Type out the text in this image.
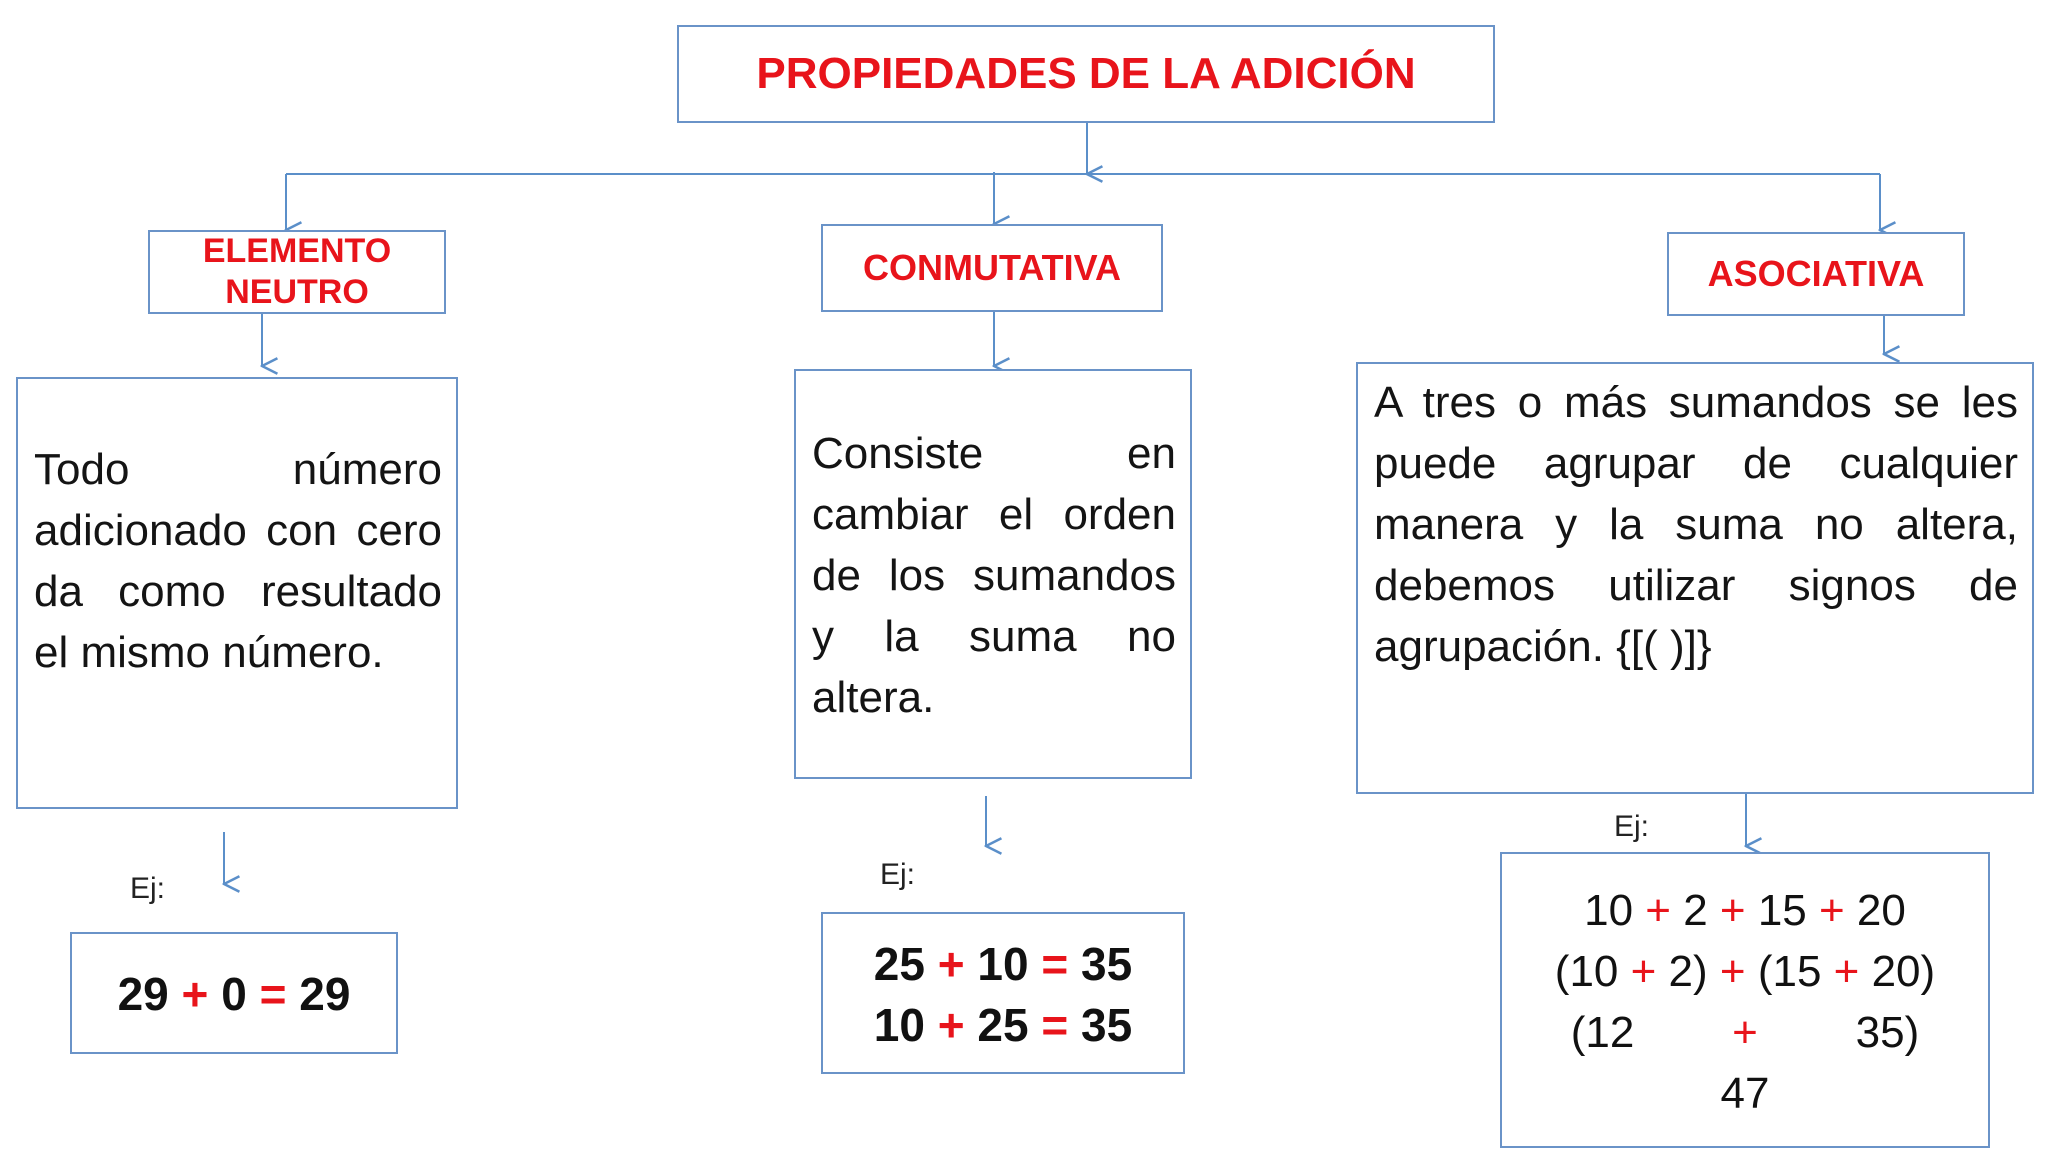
PROPIEDADES DE LA ADICIÓN
ELEMENTO NEUTRO
CONMUTATIVA	ASOCIATIVA
Todo número adicionado con cero da como resultado el mismo número.
Consiste en cambiar el orden de los sumandos y la suma no altera.
A tres o más sumandos se les puede agrupar de cualquier manera y la suma no altera, debemos utilizar signos de agrupación. {[( )]}
Ej:	Ej:
Ej:
29 + 0 = 29
25 + 10 = 35
10 + 25 = 35
10 + 2 + 15 + 20
(10 + 2) + (15 + 20)
(12        +        35)
47
